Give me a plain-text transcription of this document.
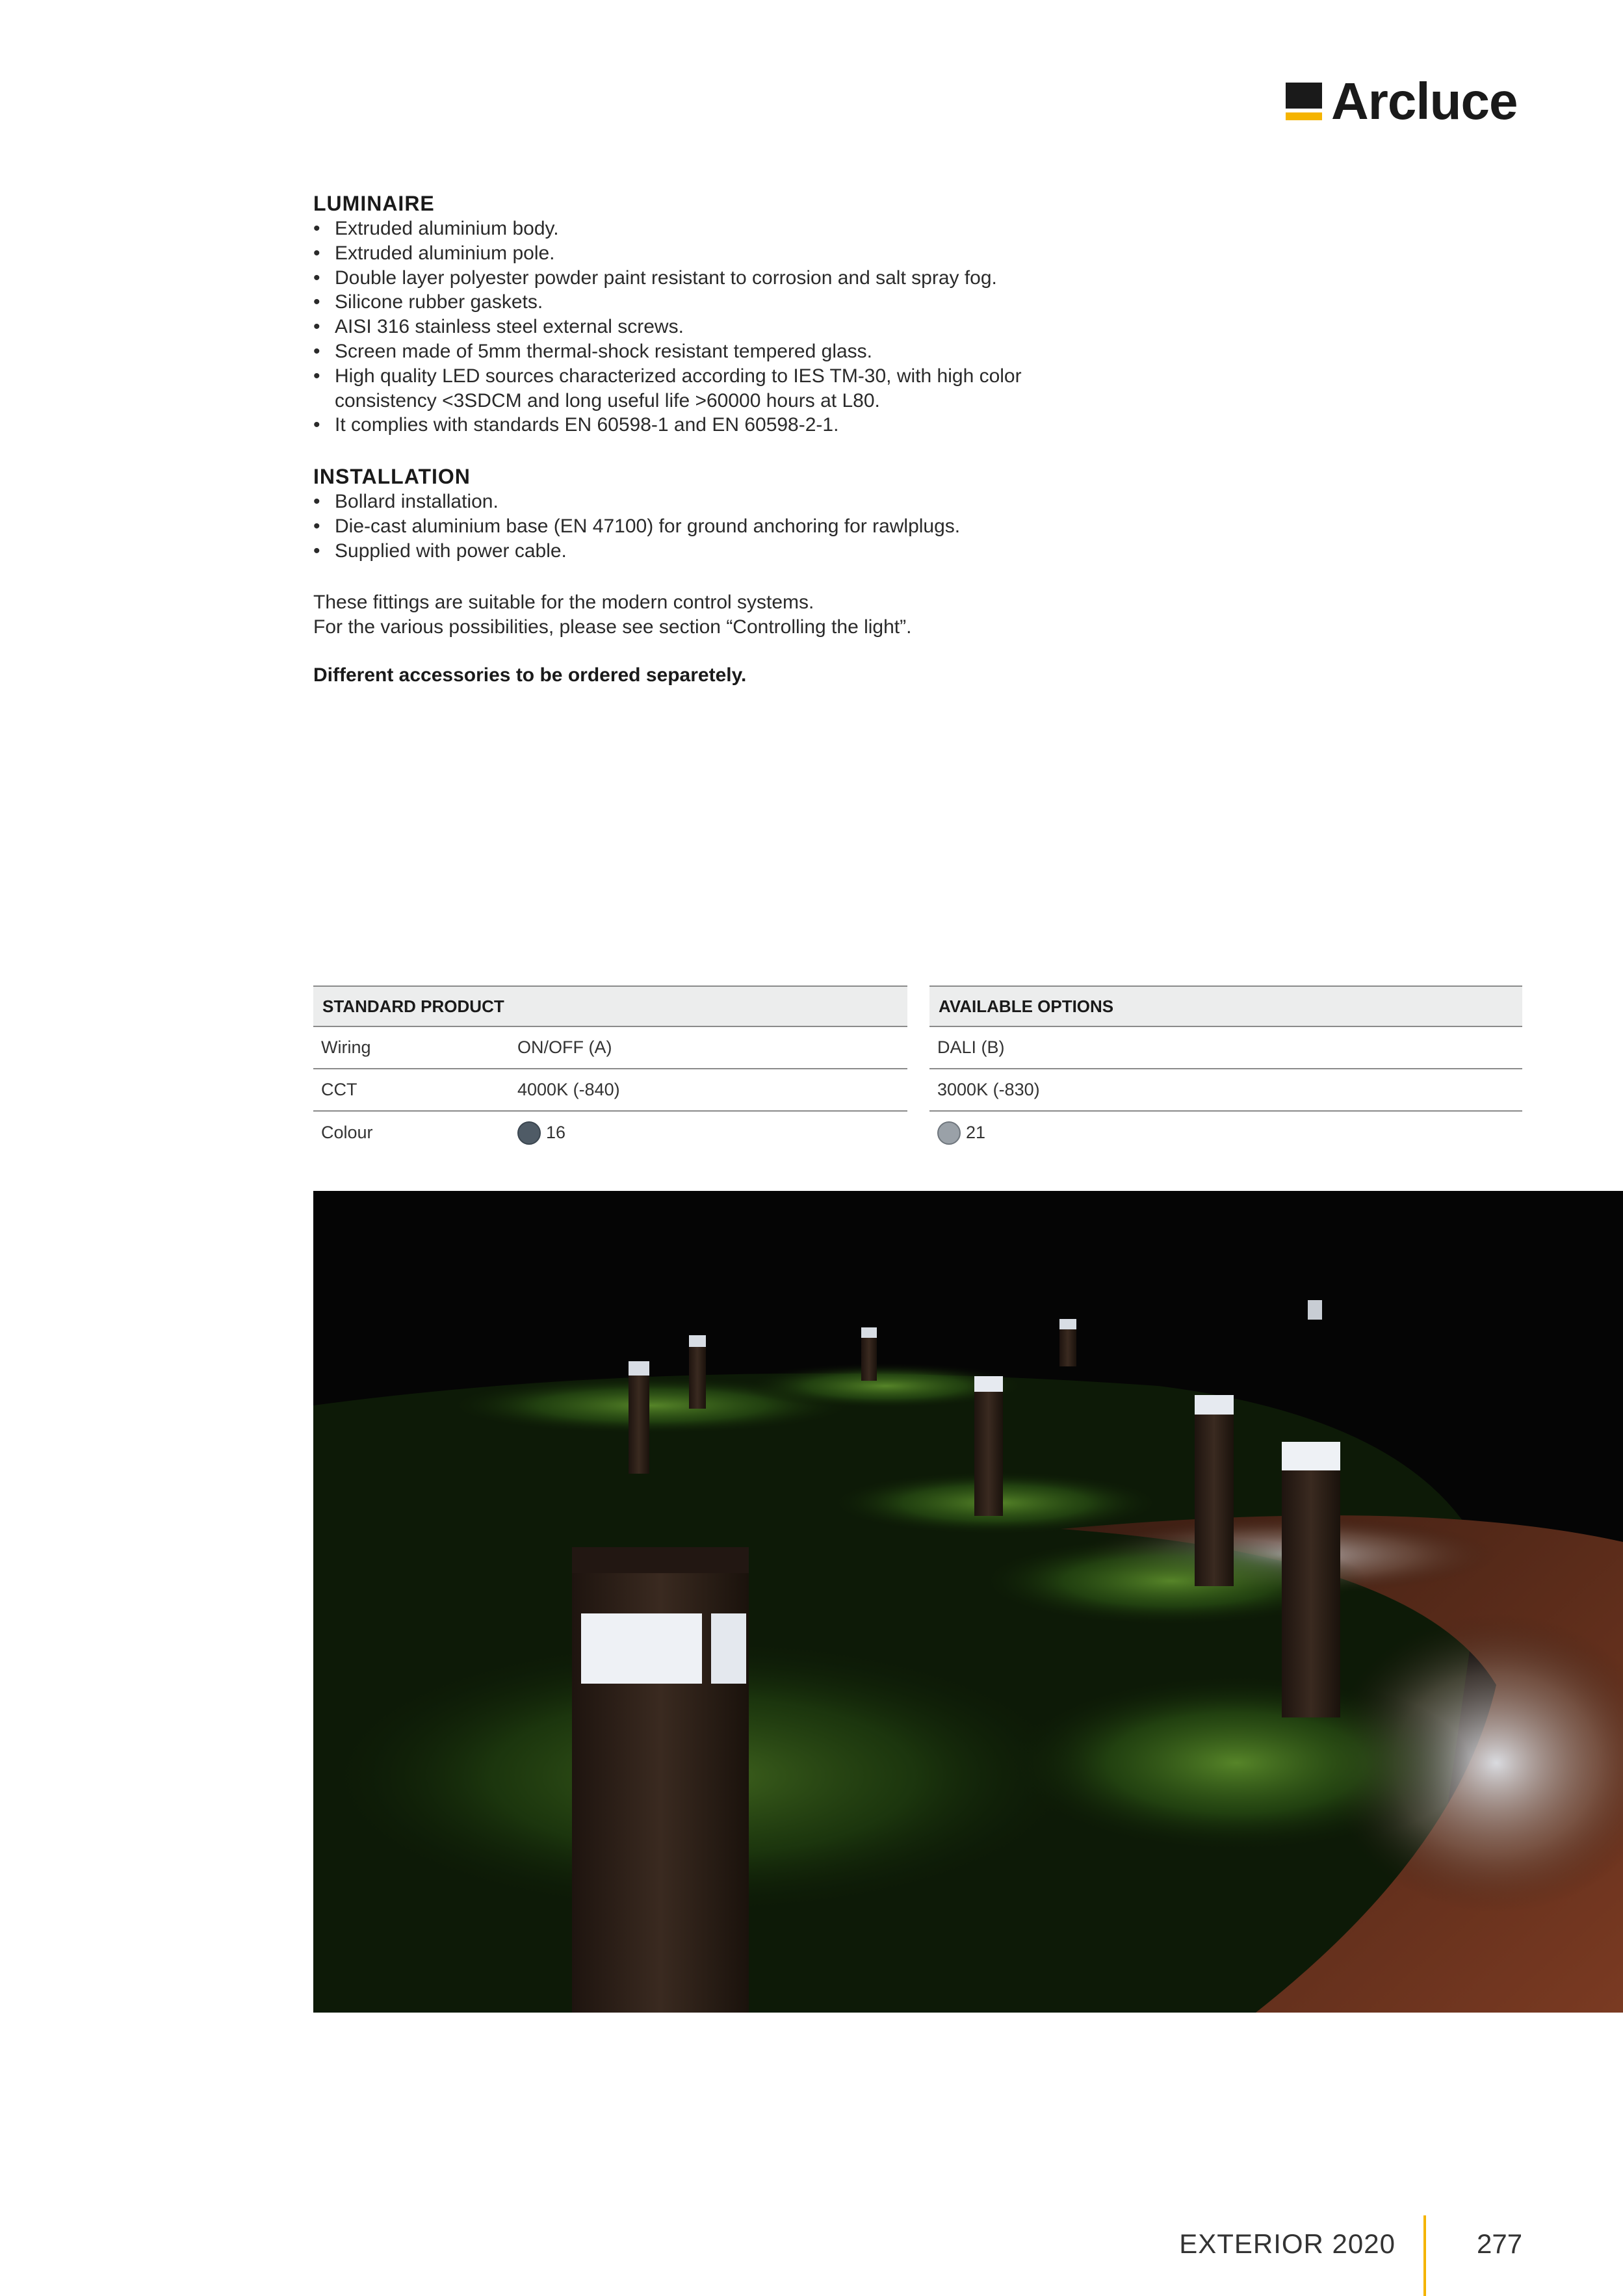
Arcluce
LUMINAIRE
• Extruded aluminium body.
• Extruded aluminium pole.
• Double layer polyester powder paint resistant to corrosion and salt spray fog.
• Silicone rubber gaskets.
• AISI 316 stainless steel external screws.
• Screen made of 5mm thermal-shock resistant tempered glass.
• High quality LED sources characterized according to IES TM-30, with high color consistency <3SDCM and long useful life >60000 hours at L80.
• It complies with standards EN 60598-1 and EN 60598-2-1.
INSTALLATION
• Bollard installation.
• Die-cast aluminium base (EN 47100) for ground anchoring for rawlplugs.
• Supplied with power cable.

These fittings are suitable for the modern control systems.

For the various possibilities, please see section “Controlling the light”.

Different accessories to be ordered separetely.

STANDARD PRODUCT
Wiring	ON/OFF (A)
CCT	4000K (-840)
Colour	16
AVAILABLE OPTIONS
DALI (B)
3000K (-830)
21
EXTERIOR 2020	277
